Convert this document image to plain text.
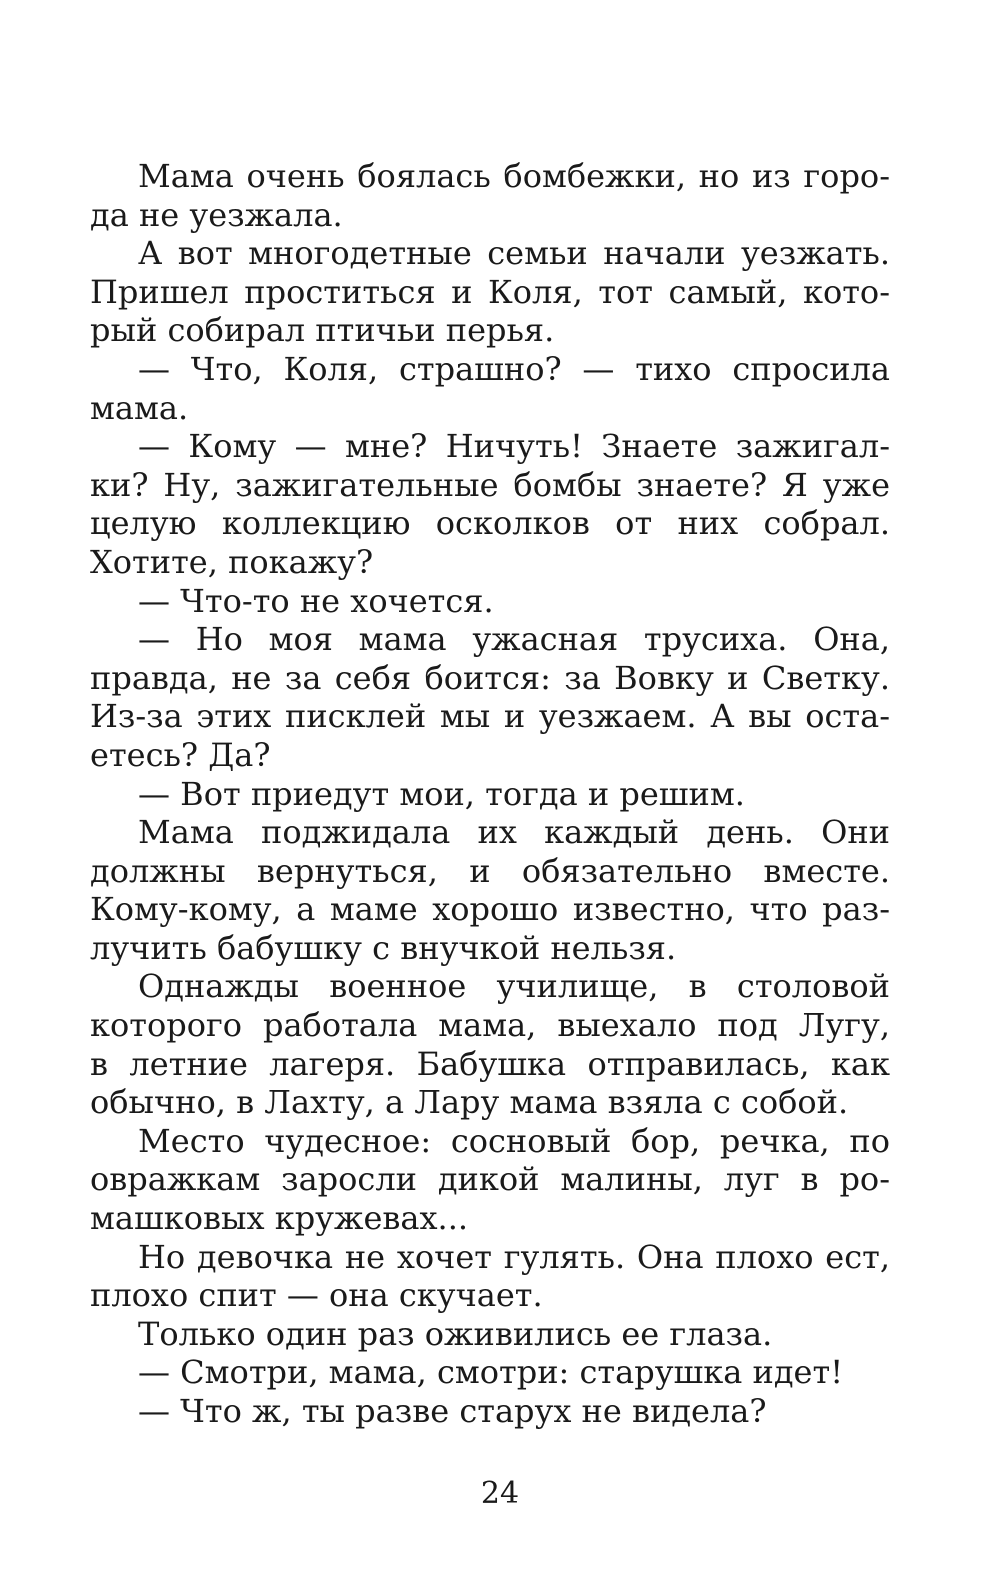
Мама очень боялась бомбежки, но из горо-
да не уезжала.
А вот многодетные семьи начали уезжать.
Пришел проститься и Коля, тот самый, кото-
рый собирал птичьи перья.
— Что, Коля, страшно? — тихо спросила
мама.
— Кому — мне? Ничуть! Знаете зажигал-
ки? Ну, зажигательные бомбы знаете? Я уже
целую коллекцию осколков от них собрал.
Хотите, покажу?
— Что-то не хочется.
— Но моя мама ужасная трусиха. Она,
правда, не за себя боится: за Вовку и Светку.
Из-за этих писклей мы и уезжаем. А вы оста-
етесь? Да?
— Вот приедут мои, тогда и решим.
Мама поджидала их каждый день. Они
должны вернуться, и обязательно вместе.
Кому-кому, а маме хорошо известно, что раз-
лучить бабушку с внучкой нельзя.
Однажды военное училище, в столовой
которого работала мама, выехало под Лугу,
в летние лагеря. Бабушка отправилась, как
обычно, в Лахту, а Лару мама взяла с собой.
Место чудесное: сосновый бор, речка, по
овражкам заросли дикой малины, луг в ро-
машковых кружевах...
Но девочка не хочет гулять. Она плохо ест,
плохо спит — она скучает.
Только один раз оживились ее глаза.
— Смотри, мама, смотри: старушка идет!
— Что ж, ты разве старух не видела?
24
